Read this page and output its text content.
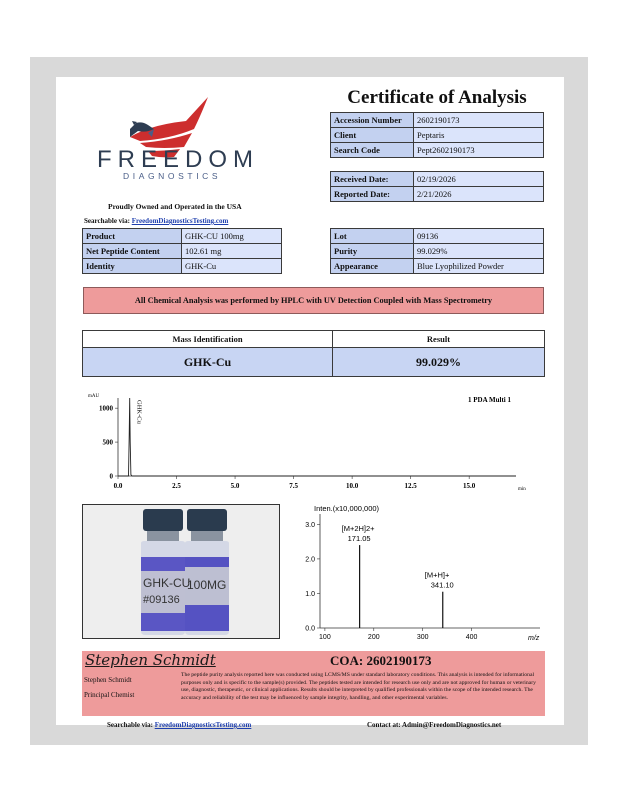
FREEDOM
DIAGNOSTICS
Proudly Owned and Operated in the USA
Searchable via: FreedomDiagnosticsTesting.com
Certificate of Analysis
Accession Number	2602190173
Client	Peptaris
Search Code	Pept2602190173
Received Date:	02/19/2026
Reported Date:	2/21/2026
Product	GHK-CU 100mg
Net Peptide Content	102.61 mg
Identity	GHK-Cu
Lot	09136
Purity	99.029%
Appearance	Blue Lyophilized Powder
All Chemical Analysis was performed by HPLC with UV Detection Coupled with Mass Spectrometry
Mass Identification	Result
GHK-Cu	99.029%
0.0	2.5	5.0	7.5	10.0	12.5	15.0
0
500
1000
mAU
min
1 PDA Multi 1
GHK-Cu
GHK-CU
#09136
100MG
100	200	300	400
0.0
1.0
2.0
3.0	[M+2H]2+
171.05
[M+H]+
341.10
Inten.(x10,000,000)
m/z
Stephen Schmidt
Stephen Schmidt
Principal Chemist
COA: 2602190173
The peptide purity analysis reported here was conducted using LCMS/MS under standard laboratory conditions. This analysis is intended for informational purposes only and is specific to the sample(s) provided. The peptides tested are intended for research use only and are not approved for human or veterinary use, diagnostic, therapeutic, or clinical applications. Results should be interpreted by qualified professionals within the scope of the intended research. The accuracy and reliability of the test may be influenced by sample integrity, handling, and other experimental variables.
Searchable via: FreedomDiagnosticsTesting.com	Contact at: Admin@FreedomDiagnostics.net
